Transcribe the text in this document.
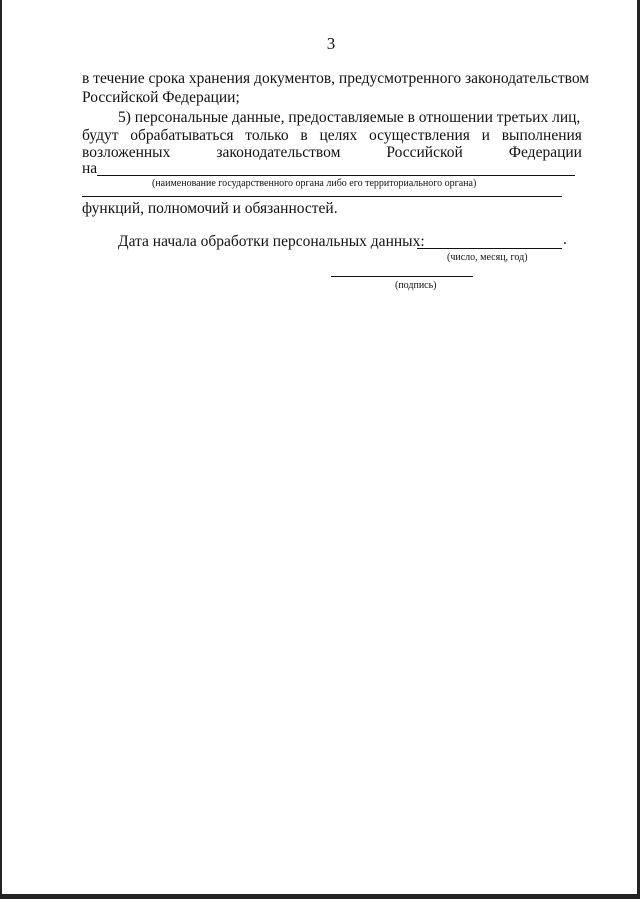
3
в течение срока хранения документов, предусмотренного законодательством
Российской Федерации;
5) персональные данные, предоставляемые в отношении третьих лиц,
будут обрабатываться только в целях осуществления и выполнения
возложенных	законодательством	Российской	Федерации
на
(наименование государственного органа либо его территориального органа)
функций, полномочий и обязанностей.
Дата начала обработки персональных данных:	.
(число, месяц, год)
(подпись)
